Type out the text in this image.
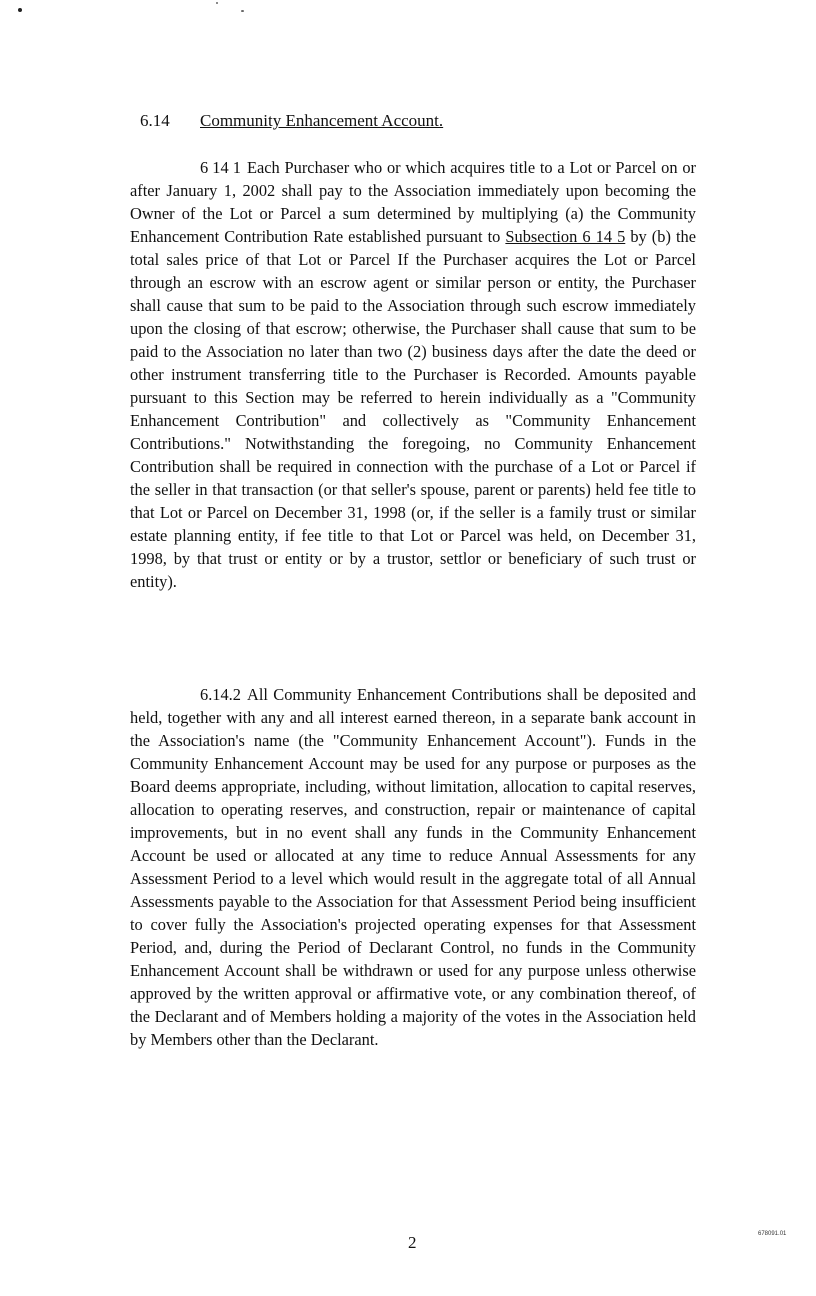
6.14 Community Enhancement Account.

6 14 1 Each Purchaser who or which acquires title to a Lot or Parcel on or after January 1, 2002 shall pay to the Association immediately upon becoming the Owner of the Lot or Parcel a sum determined by multiplying (a) the Community Enhancement Contribution Rate established pursuant to Subsection 6 14 5 by (b) the total sales price of that Lot or Parcel If the Purchaser acquires the Lot or Parcel through an escrow with an escrow agent or similar person or entity, the Purchaser shall cause that sum to be paid to the Association through such escrow immediately upon the closing of that escrow; otherwise, the Purchaser shall cause that sum to be paid to the Association no later than two (2) business days after the date the deed or other instrument transferring title to the Purchaser is Recorded. Amounts payable pursuant to this Section may be referred to herein individually as a "Community Enhancement Contribution" and collectively as "Community Enhancement Contributions." Notwithstanding the foregoing, no Community Enhancement Contribution shall be required in connection with the purchase of a Lot or Parcel if the seller in that transaction (or that seller's spouse, parent or parents) held fee title to that Lot or Parcel on December 31, 1998 (or, if the seller is a family trust or similar estate planning entity, if fee title to that Lot or Parcel was held, on December 31, 1998, by that trust or entity or by a trustor, settlor or beneficiary of such trust or entity).

6.14.2 All Community Enhancement Contributions shall be deposited and held, together with any and all interest earned thereon, in a separate bank account in the Association's name (the "Community Enhancement Account"). Funds in the Community Enhancement Account may be used for any purpose or purposes as the Board deems appropriate, including, without limitation, allocation to capital reserves, allocation to operating reserves, and construction, repair or maintenance of capital improvements, but in no event shall any funds in the Community Enhancement Account be used or allocated at any time to reduce Annual Assessments for any Assessment Period to a level which would result in the aggregate total of all Annual Assessments payable to the Association for that Assessment Period being insufficient to cover fully the Association's projected operating expenses for that Assessment Period, and, during the Period of Declarant Control, no funds in the Community Enhancement Account shall be withdrawn or used for any purpose unless otherwise approved by the written approval or affirmative vote, or any combination thereof, of the Declarant and of Members holding a majority of the votes in the Association held by Members other than the Declarant.

2	678091.01
